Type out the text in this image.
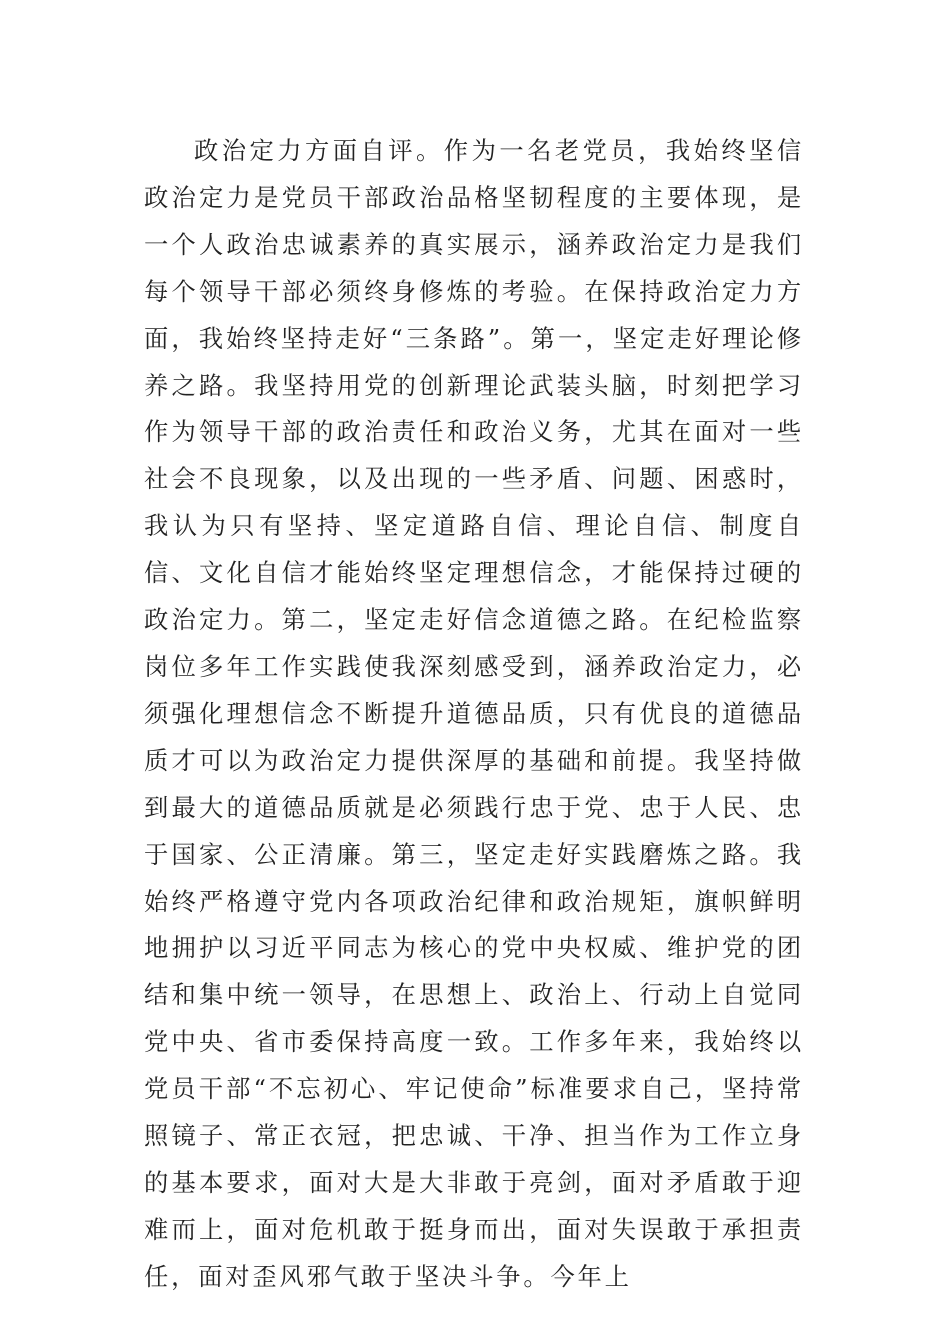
政治定力方面自评。作为一名老党员，我始终坚信政治定力是党员干部政治品格坚韧程度的主要体现，是一个人政治忠诚素养的真实展示，涵养政治定力是我们每个领导干部必须终身修炼的考验。在保持政治定力方面，我始终坚持走好“三条路”。第一，坚定走好理论修养之路。我坚持用党的创新理论武装头脑，时刻把学习作为领导干部的政治责任和政治义务，尤其在面对一些社会不良现象，以及出现的一些矛盾、问题、困惑时，我认为只有坚持、坚定道路自信、理论自信、制度自信、文化自信才能始终坚定理想信念，才能保持过硬的政治定力。第二，坚定走好信念道德之路。在纪检监察岗位多年工作实践使我深刻感受到，涵养政治定力，必须强化理想信念不断提升道德品质，只有优良的道德品质才可以为政治定力提供深厚的基础和前提。我坚持做到最大的道德品质就是必须践行忠于党、忠于人民、忠于国家、公正清廉。第三，坚定走好实践磨炼之路。我始终严格遵守党内各项政治纪律和政治规矩，旗帜鲜明地拥护以习近平同志为核心的党中央权威、维护党的团结和集中统一领导，在思想上、政治上、行动上自觉同党中央、省市委保持高度一致。工作多年来，我始终以党员干部“不忘初心、牢记使命”标准要求自己，坚持常照镜子、常正衣冠，把忠诚、干净、担当作为工作立身的基本要求，面对大是大非敢于亮剑，面对矛盾敢于迎难而上，面对危机敢于挺身而出，面对失误敢于承担责任，面对歪风邪气敢于坚决斗争。今年上
